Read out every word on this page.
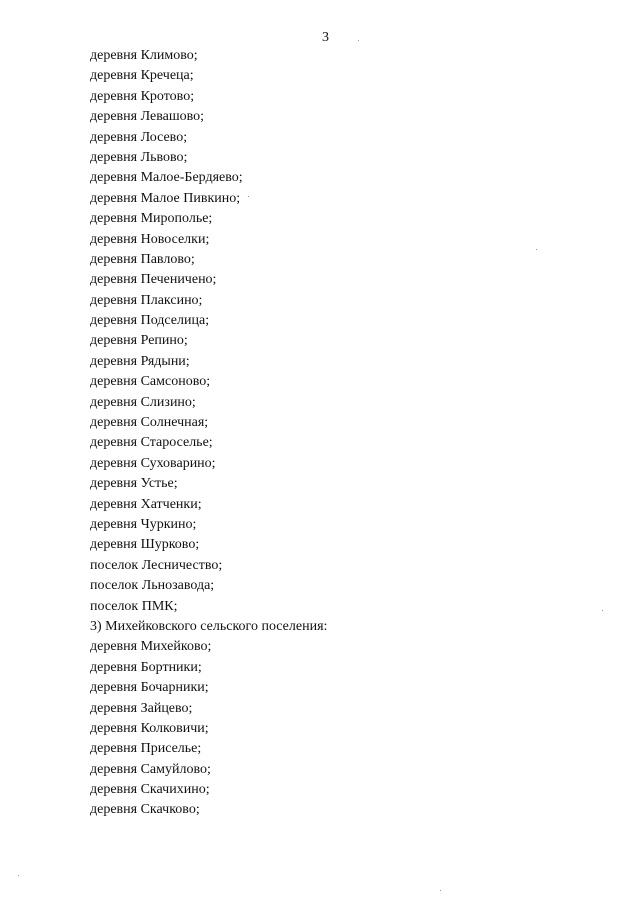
3
деревня Климово;
деревня Кречеца;
деревня Кротово;
деревня Левашово;
деревня Лосево;
деревня Львово;
деревня Малое-Бердяево;
деревня Малое Пивкино;
деревня Мирополье;
деревня Новоселки;
деревня Павлово;
деревня Печеничено;
деревня Плаксино;
деревня Подселица;
деревня Репино;
деревня Рядыни;
деревня Самсоново;
деревня Слизино;
деревня Солнечная;
деревня Староселье;
деревня Суховарино;
деревня Устье;
деревня Хатченки;
деревня Чуркино;
деревня Шурково;
поселок Лесничество;
поселок Льнозавода;
поселок ПМК;
3) Михейковского сельского поселения:
деревня Михейково;
деревня Бортники;
деревня Бочарники;
деревня Зайцево;
деревня Колковичи;
деревня Приселье;
деревня Самуйлово;
деревня Скачихино;
деревня Скачково;
